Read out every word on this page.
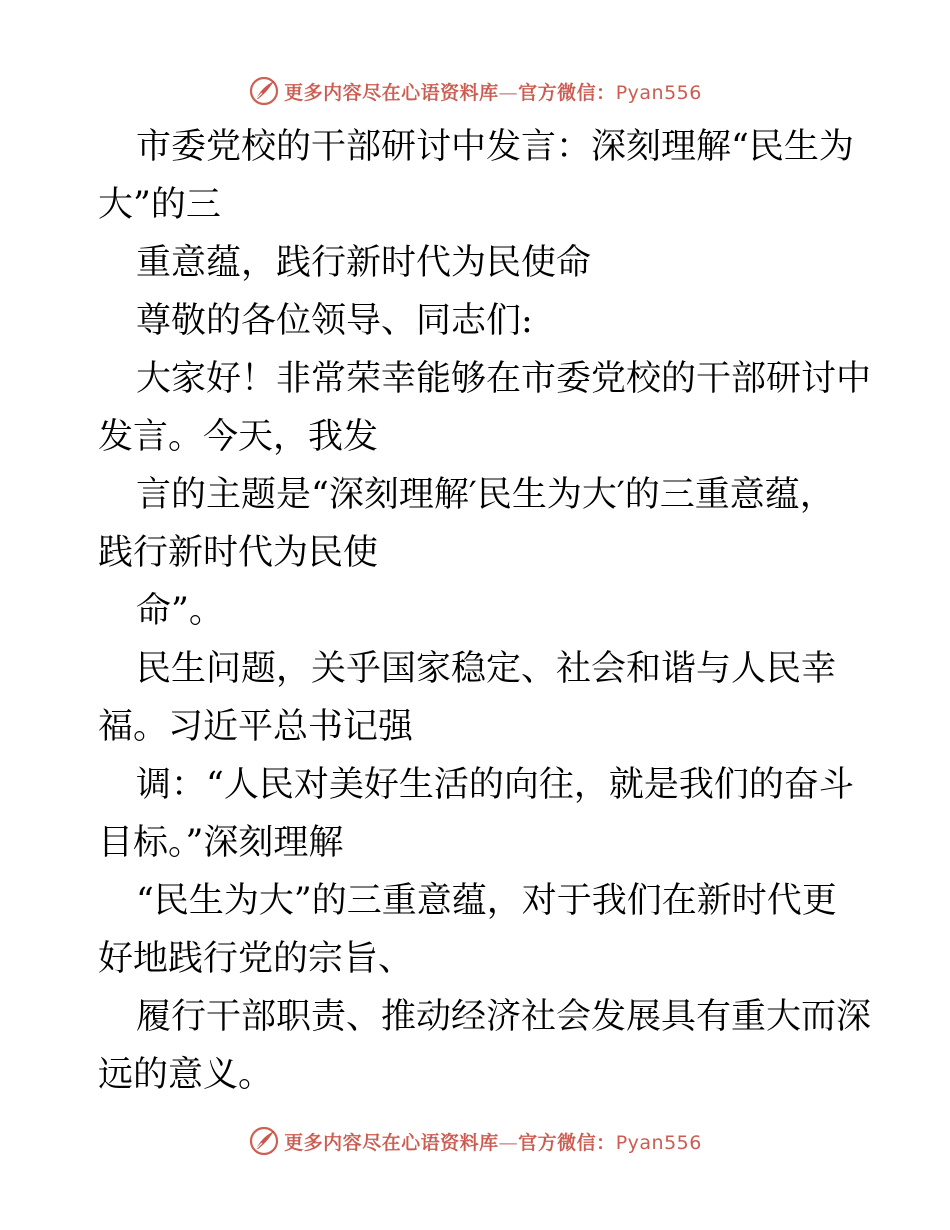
更多内容尽在心语资料库—官方微信：Pyan556
市委党校的干部研讨中发言：深刻理解“民生为
大”的三
重意蕴，践行新时代为民使命
尊敬的各位领导、同志们:
大家好！非常荣幸能够在市委党校的干部研讨中
发言。今天，我发
言的主题是“深刻理解′民生为大′的三重意蕴，
践行新时代为民使
命”。
民生问题，关乎国家稳定、社会和谐与人民幸
福。习近平总书记强
调：“人民对美好生活的向往，就是我们的奋斗
目标。”深刻理解
“民生为大”的三重意蕴，对于我们在新时代更
好地践行党的宗旨、
履行干部职责、推动经济社会发展具有重大而深
远的意义。
更多内容尽在心语资料库—官方微信：Pyan556
